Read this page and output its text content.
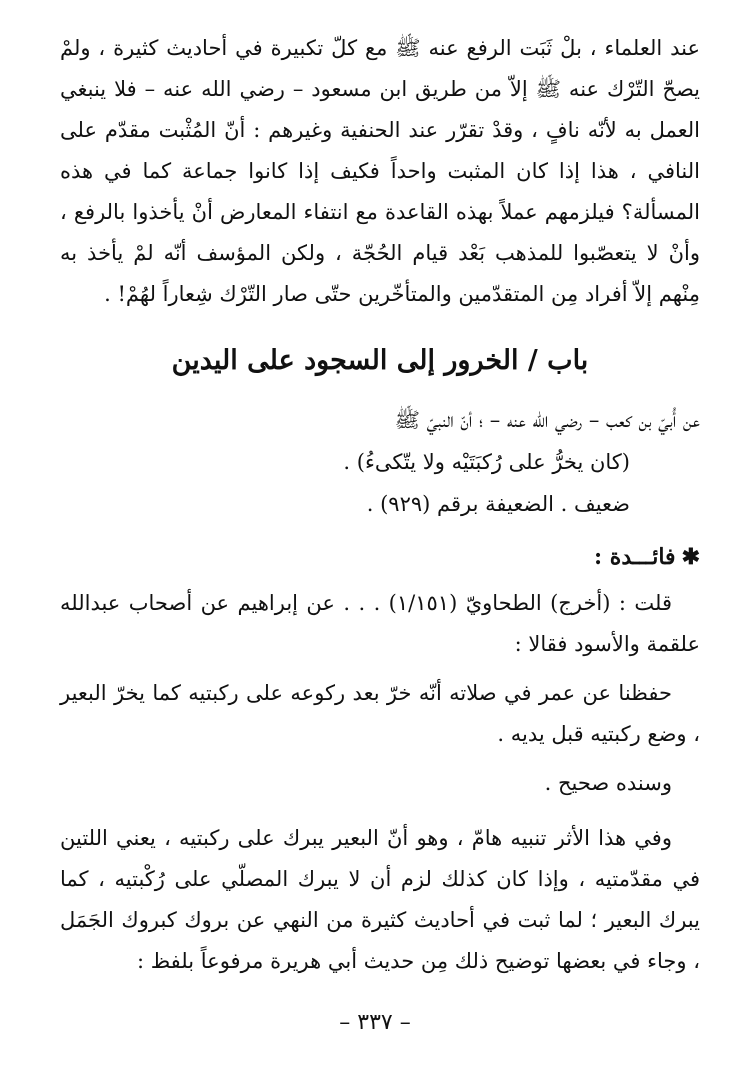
عند العلماء ، بلْ ثَبَت الرفع عنه ﷺ مع كلّ تكبيرة في أحاديث كثيرة ، ولمْ يصحّ التّرْك عنه ﷺ إلاّ من طريق ابن مسعود – رضي الله عنه – فلا ينبغي العمل به لأنّه نافٍ ، وقدْ تقرّر عند الحنفية وغيرهم : أنّ المُثْبت مقدّم على النافي ، هذا إذا كان المثبت واحداً فكيف إذا كانوا جماعة كما في هذه المسألة؟ فيلزمهم عملاً بهذه القاعدة مع انتفاء المعارض أنْ يأخذوا بالرفع ، وأنْ لا يتعصّبوا للمذهب بَعْد قيام الحُجّة ، ولكن المؤسف أنّه لمْ يأخذ به مِنْهم إلاّ أفراد مِن المتقدّمين والمتأخّرين حتّى صار التّرْك شِعاراً لهُمْ! .

باب / الخرور إلى السجود على اليدين
عن أُبيّ بن كعب – رضي الله عنه – ؛ أنّ النبيّ ﷺ
(كان يخرُّ على رُكبَتَيْه ولا يتّكىءُ) .
ضعيف . الضعيفة برقم (٩٢٩) .
✱فائـــدة :

قلت : (أخرج) الطحاويّ (١/١٥١) . . . عن إبراهيم عن أصحاب عبدالله علقمة والأسود فقالا :

حفظنا عن عمر في صلاته أنّه خرّ بعد ركوعه على ركبتيه كما يخرّ البعير ، وضع ركبتيه قبل يديه .

وسنده صحيح .

وفي هذا الأثر تنبيه هامّ ، وهو أنّ البعير يبرك على ركبتيه ، يعني اللتين في مقدّمتيه ، وإذا كان كذلك لزم أن لا يبرك المصلّي على رُكْبتيه ، كما يبرك البعير ؛ لما ثبت في أحاديث كثيرة من النهي عن بروك كبروك الجَمَل ، وجاء في بعضها توضيح ذلك مِن حديث أبي هريرة مرفوعاً بلفظ :

– ٣٣٧ –
